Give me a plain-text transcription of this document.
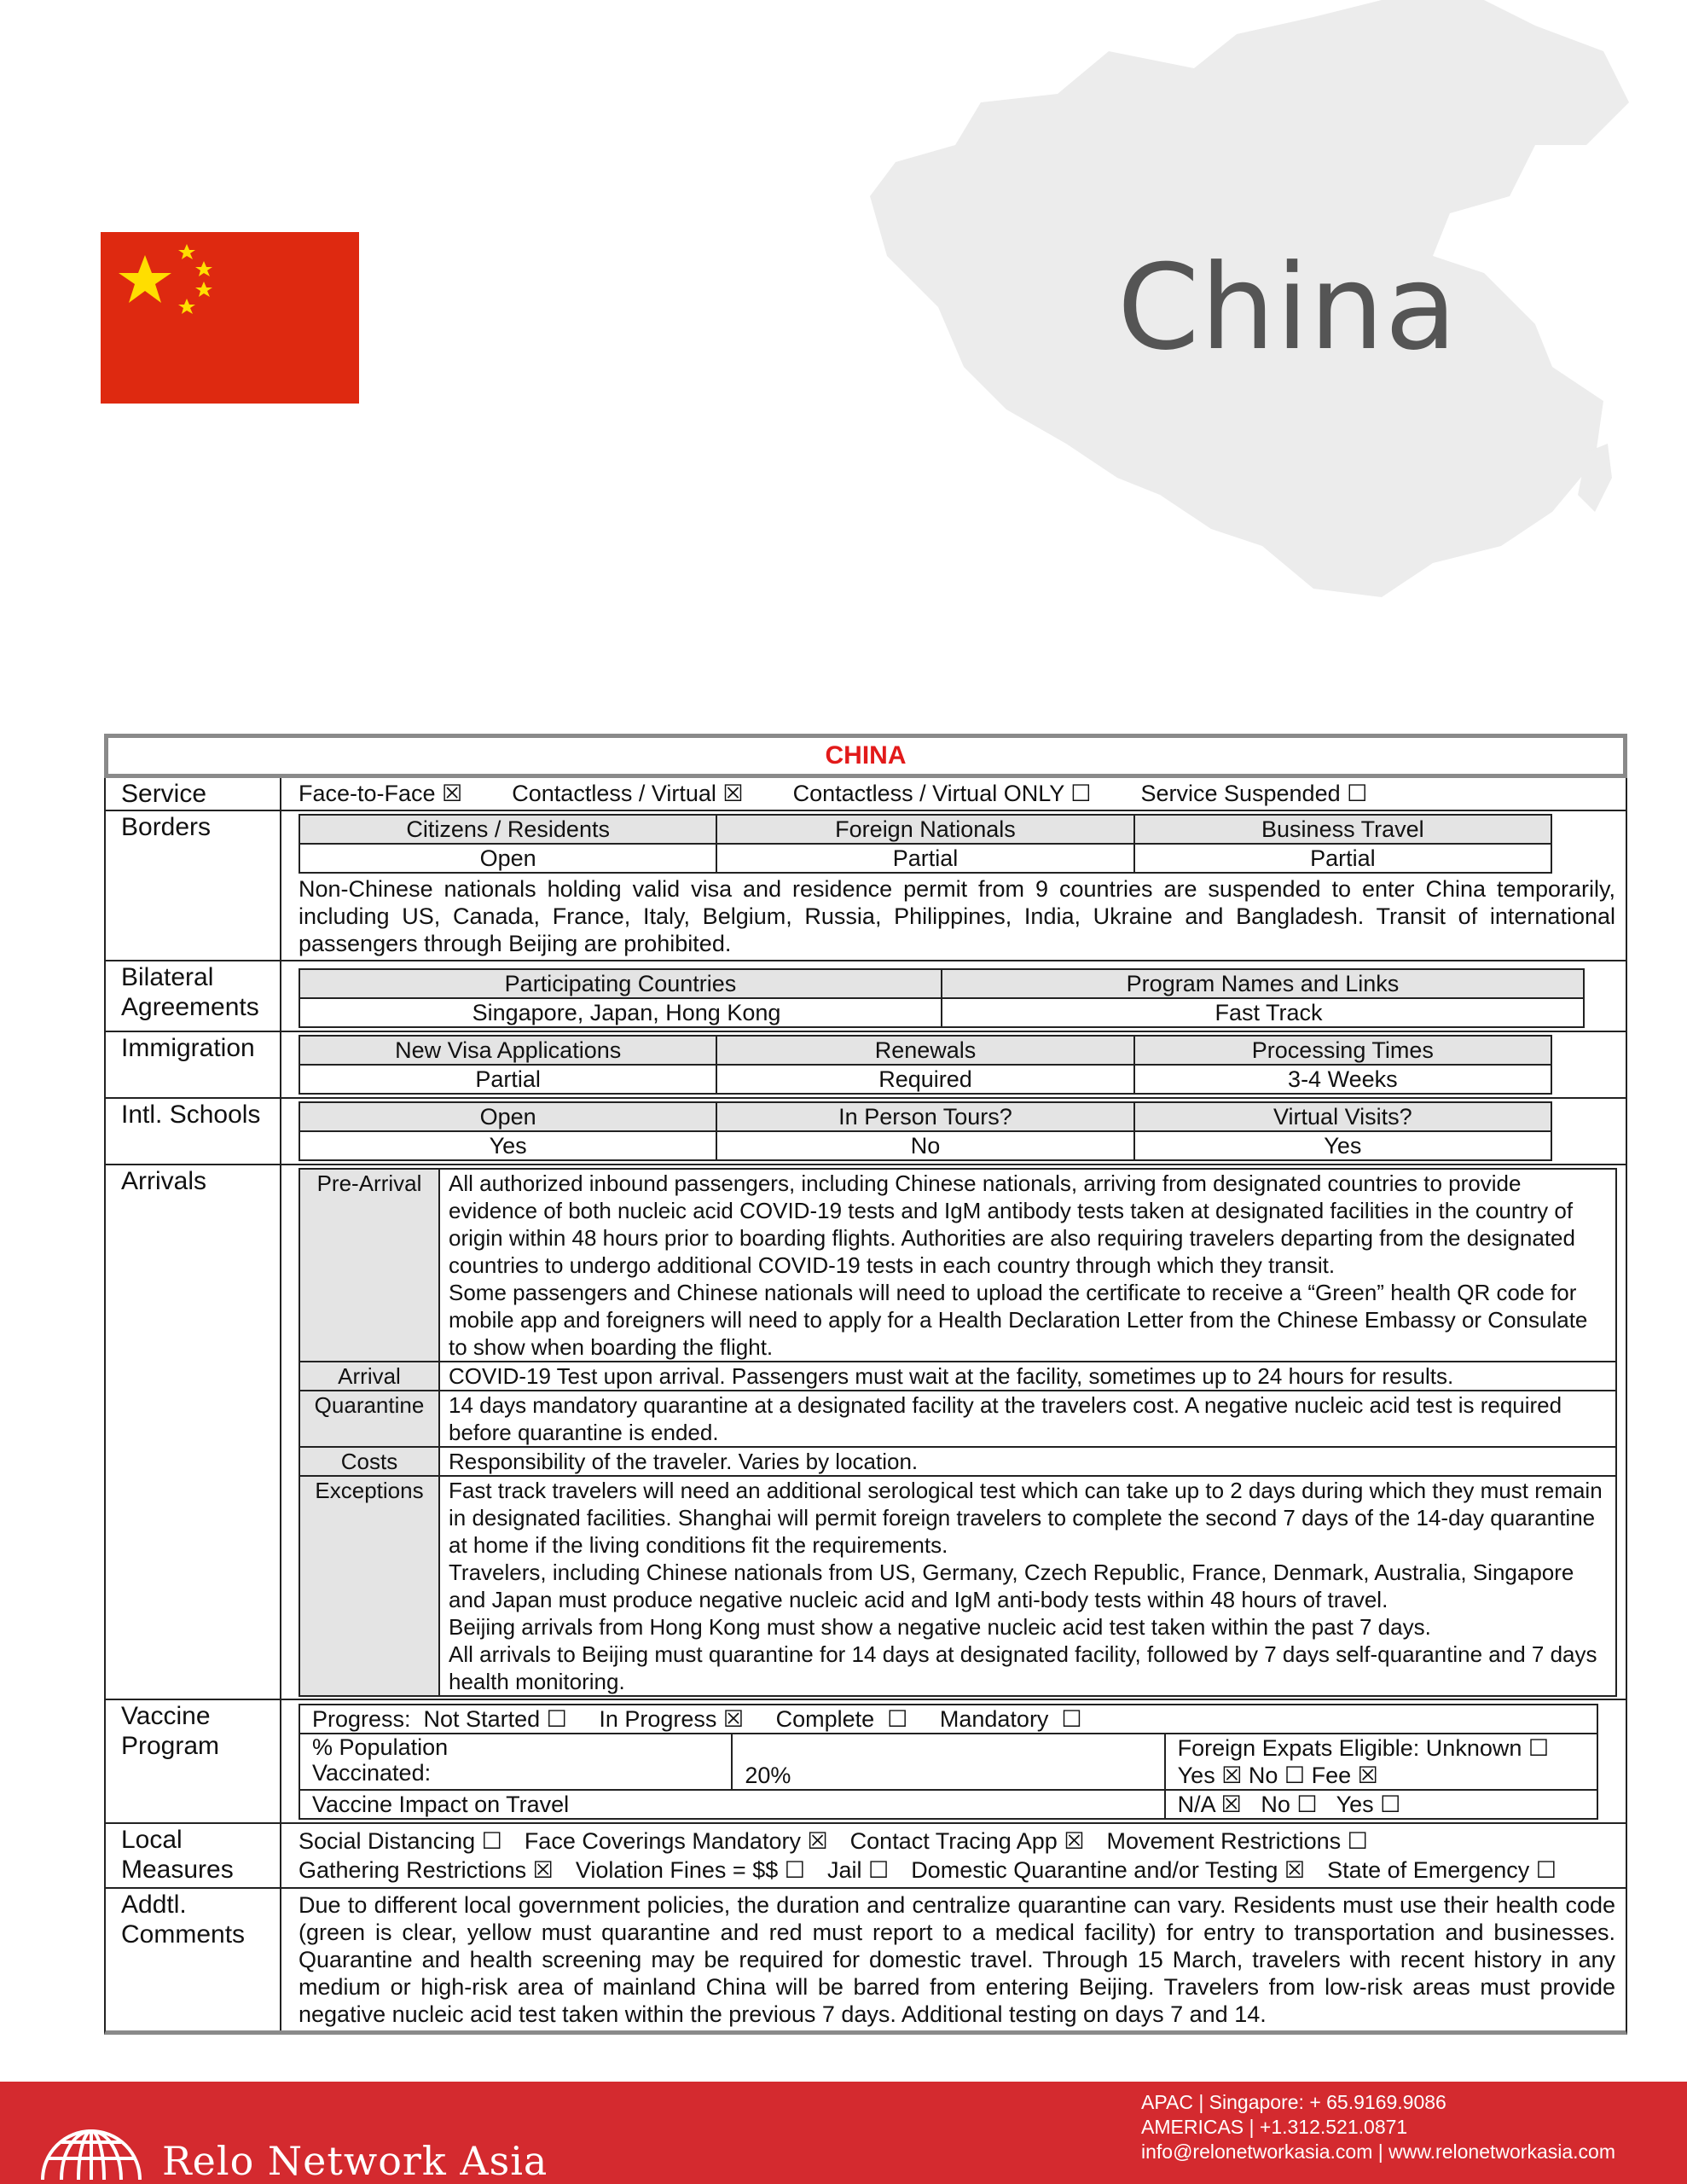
China
CHINA
Service	Face-to-Face ☒ Contactless / Virtual ☒ Contactless / Virtual ONLY ☐ Service Suspended ☐
Borders	Citizens / Residents	Foreign Nationals	Business Travel
Open	Partial	Partial
Non-Chinese nationals holding valid visa and residence permit from 9 countries are suspended to enter China temporarily, including US, Canada, France, Italy, Belgium, Russia, Philippines, India, Ukraine and Bangladesh. Transit of international passengers through Beijing are prohibited.
Bilateral
Agreements
Participating Countries	Program Names and Links
Singapore, Japan, Hong Kong	Fast Track
Immigration	New Visa Applications	Renewals	Processing Times
Partial	Required	3-4 Weeks
Intl. Schools	Open	In Person Tours?	Virtual Visits?
Yes	No	Yes
Arrivals	Pre-Arrival	All authorized inbound passengers, including Chinese nationals, arriving from designated countries to provide evidence of both nucleic acid COVID-19 tests and IgM antibody tests taken at designated facilities in the country of origin within 48 hours prior to boarding flights. Authorities are also requiring travelers departing from the designated countries to undergo additional COVID-19 tests in each country through which they transit.
Some passengers and Chinese nationals will need to upload the certificate to receive a “Green” health QR code for mobile app and foreigners will need to apply for a Health Declaration Letter from the Chinese Embassy or Consulate to show when boarding the flight.

Arrival	COVID-19 Test upon arrival. Passengers must wait at the facility, sometimes up to 24 hours for results.

Quarantine	14 days mandatory quarantine at a designated facility at the travelers cost. A negative nucleic acid test is required before quarantine is ended.

Costs	Responsibility of the traveler. Varies by location.

Exceptions	Fast track travelers will need an additional serological test which can take up to 2 days during which they must remain in designated facilities. Shanghai will permit foreign travelers to complete the second 7 days of the 14-day quarantine at home if the living conditions fit the requirements.
Travelers, including Chinese nationals from US, Germany, Czech Republic, France, Denmark, Australia, Singapore and Japan must produce negative nucleic acid and IgM anti-body tests within 48 hours of travel.
Beijing arrivals from Hong Kong must show a negative nucleic acid test taken within the past 7 days.
All arrivals to Beijing must quarantine for 14 days at designated facility, followed by 7 days self-quarantine and 7 days health monitoring.
Vaccine
Program
Progress:  Not Started ☐     In Progress ☒     Complete  ☐     Mandatory  ☐		

% Population
Vaccinated:	20%	Foreign Expats Eligible: Unknown ☐ Yes ☒ No ☐ Fee ☒
Vaccine Impact on Travel		N/A ☒   No ☐   Yes ☐
Local
Measures
Social Distancing ☐ Face Coverings Mandatory ☒ Contact Tracing App ☒ Movement Restrictions ☐
Gathering Restrictions ☒ Violation Fines = $$ ☐ Jail ☐ Domestic Quarantine and/or Testing ☒ State of Emergency ☐
Addtl.
Comments
Due to different local government policies, the duration and centralize quarantine can vary. Residents must use their health code (green is clear, yellow must quarantine and red must report to a medical facility) for entry to transportation and businesses. Quarantine and health screening may be required for domestic travel. Through 15 March, travelers with recent history in any medium or high-risk area of mainland China will be barred from entering Beijing. Travelers from low-risk areas must provide negative nucleic acid test taken within the previous 7 days. Additional testing on days 7 and 14.

Relo Network Asia

APAC | Singapore: + 65.9169.9086
AMERICAS | +1.312.521.0871
info@relonetworkasia.com | www.relonetworkasia.com
